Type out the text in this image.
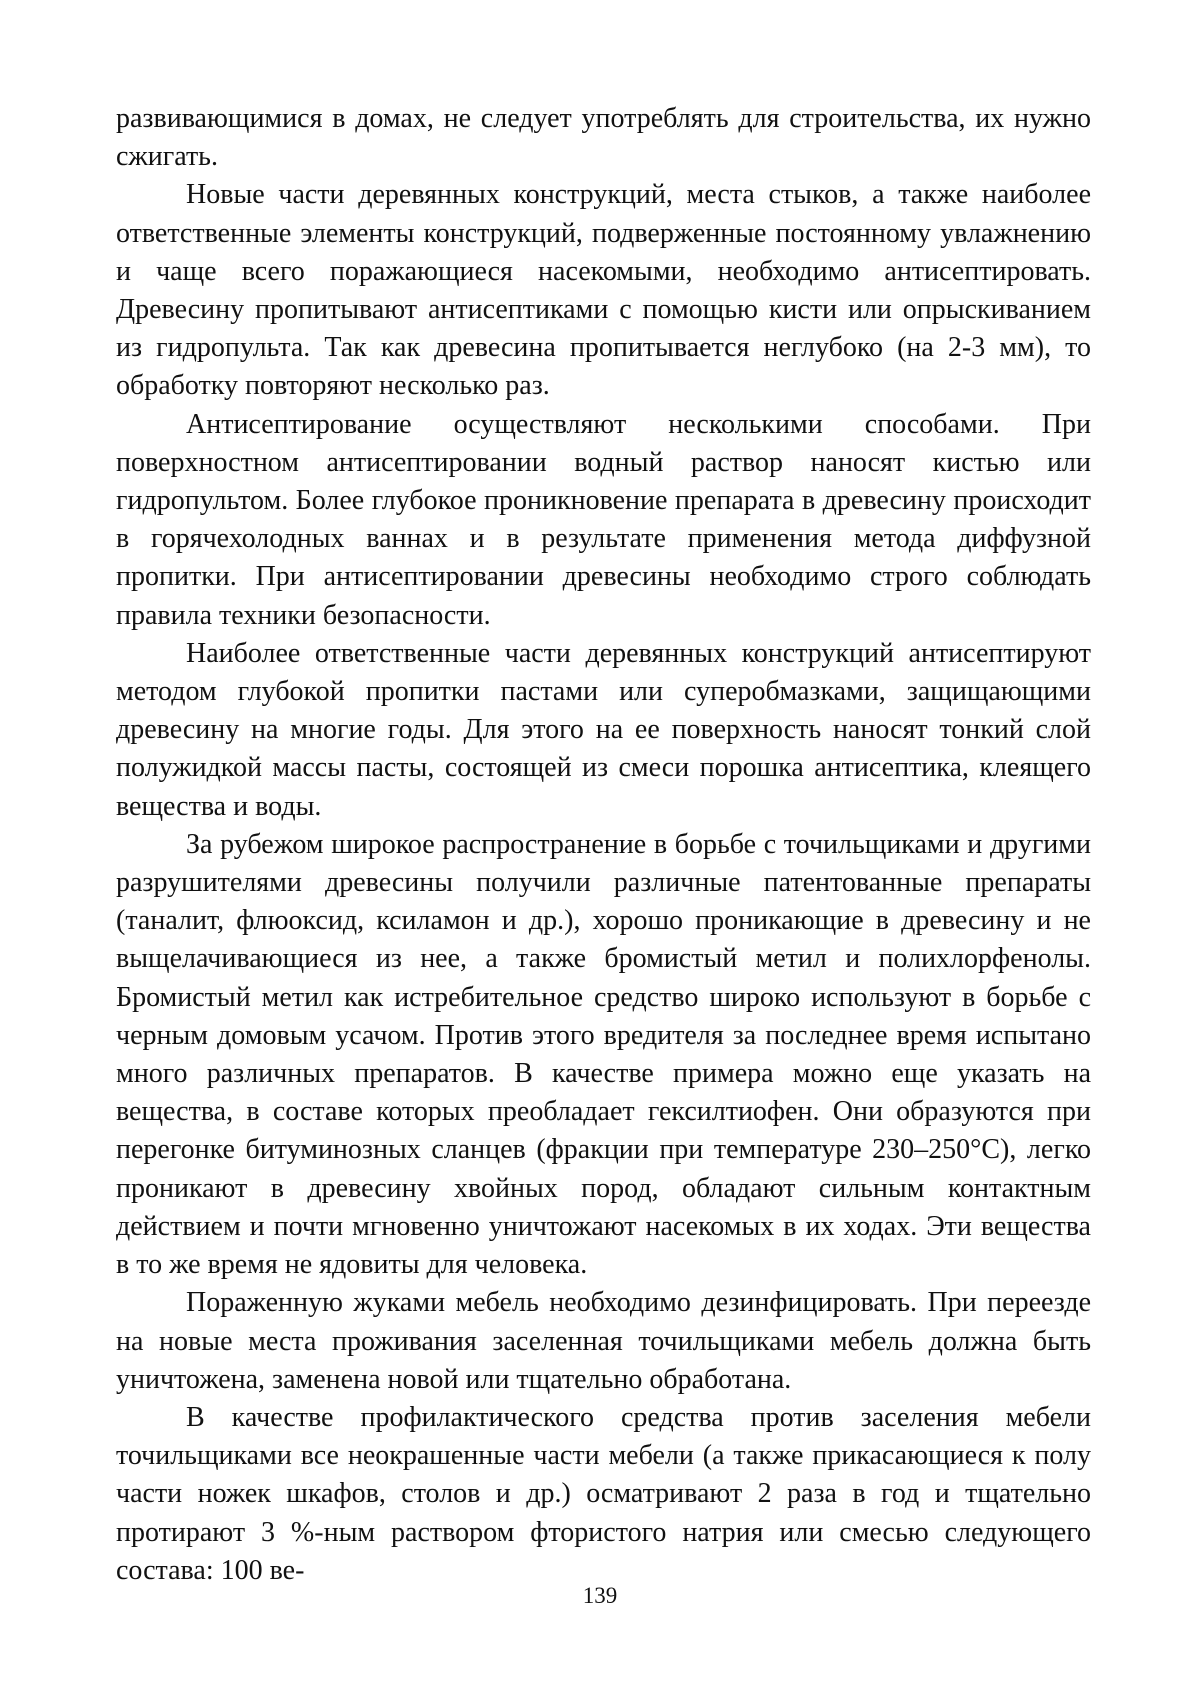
развивающимися в домах, не следует употреблять для строительства, их нужно сжигать.

Новые части деревянных конструкций, места стыков, а также наиболее ответственные элементы конструкций, подверженные постоянному увлажнению и чаще всего поражающиеся насекомыми, необходимо антисептировать. Древесину пропитывают антисептиками с помощью кисти или опрыскиванием из гидропульта. Так как древесина пропитывается неглубоко (на 2-3 мм), то обработку повторяют несколько раз.

Антисептирование осуществляют несколькими способами. При поверхностном антисептировании водный раствор наносят кистью или гидропультом. Более глубокое проникновение препарата в древесину происходит в горячехолодных ваннах и в результате применения метода диффузной пропитки. При антисептировании древесины необходимо строго соблюдать правила техники безопасности.

Наиболее ответственные части деревянных конструкций антисептируют методом глубокой пропитки пастами или суперобмазками, защищающими древесину на многие годы. Для этого на ее поверхность наносят тонкий слой полужидкой массы пасты, состоящей из смеси порошка антисептика, клеящего вещества и воды.

За рубежом широкое распространение в борьбе с точильщиками и другими разрушителями древесины получили различные патентованные препараты (таналит, флюоксид, ксиламон и др.), хорошо проникающие в древесину и не выщелачивающиеся из нее, а также бромистый метил и полихлорфенолы. Бромистый метил как истребительное средство широко используют в борьбе с черным домовым усачом. Против этого вредителя за последнее время испытано много различных препаратов. В качестве примера можно еще указать на вещества, в составе которых преобладает гексилтиофен. Они образуются при перегонке битуминозных сланцев (фракции при температуре 230–250°С), легко проникают в древесину хвойных пород, обладают сильным контактным действием и почти мгновенно уничтожают насекомых в их ходах. Эти вещества в то же время не ядовиты для человека.

Пораженную жуками мебель необходимо дезинфицировать. При переезде на новые места проживания заселенная точильщиками мебель должна быть уничтожена, заменена новой или тщательно обработана.

В качестве профилактического средства против заселения мебели точильщиками все неокрашенные части мебели (а также прикасающиеся к полу части ножек шкафов, столов и др.) осматривают 2 раза в год и тщательно протирают 3 %-ным раствором фтористого натрия или смесью следующего состава: 100 ве-

139
